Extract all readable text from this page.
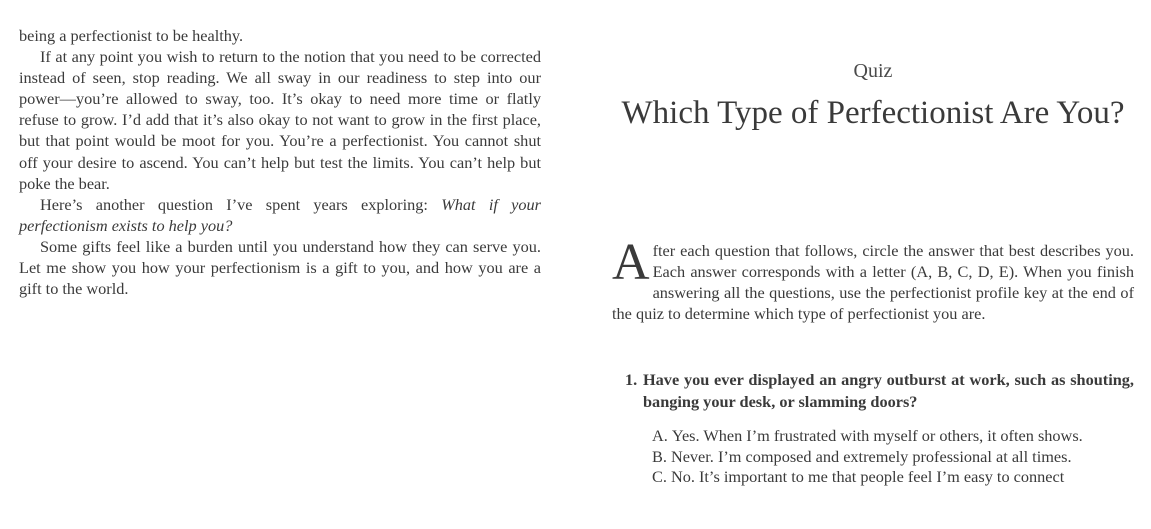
being a perfectionist to be healthy.

If at any point you wish to return to the notion that you need to be corrected instead of seen, stop reading. We all sway in our readiness to step into our power—you’re allowed to sway, too. It’s okay to need more time or flatly refuse to grow. I’d add that it’s also okay to not want to grow in the first place, but that point would be moot for you. You’re a perfectionist. You cannot shut off your desire to ascend. You can’t help but test the limits. You can’t help but poke the bear.

Here’s another question I’ve spent years exploring: What if your perfectionism exists to help you?

Some gifts feel like a burden until you understand how they can serve you. Let me show you how your perfectionism is a gift to you, and how you are a gift to the world.

Quiz
Which Type of Perfectionist Are You?

After each question that follows, circle the answer that best describes you. Each answer corresponds with a letter (A, B, C, D, E). When you finish answering all the questions, use the perfectionist profile key at the end of the quiz to determine which type of perfectionist you are.

1. Have you ever displayed an angry outburst at work, such as shouting, banging your desk, or slamming doors?
A. Yes. When I’m frustrated with myself or others, it often shows.
B. Never. I’m composed and extremely professional at all times.
C. No. It’s important to me that people feel I’m easy to connect
